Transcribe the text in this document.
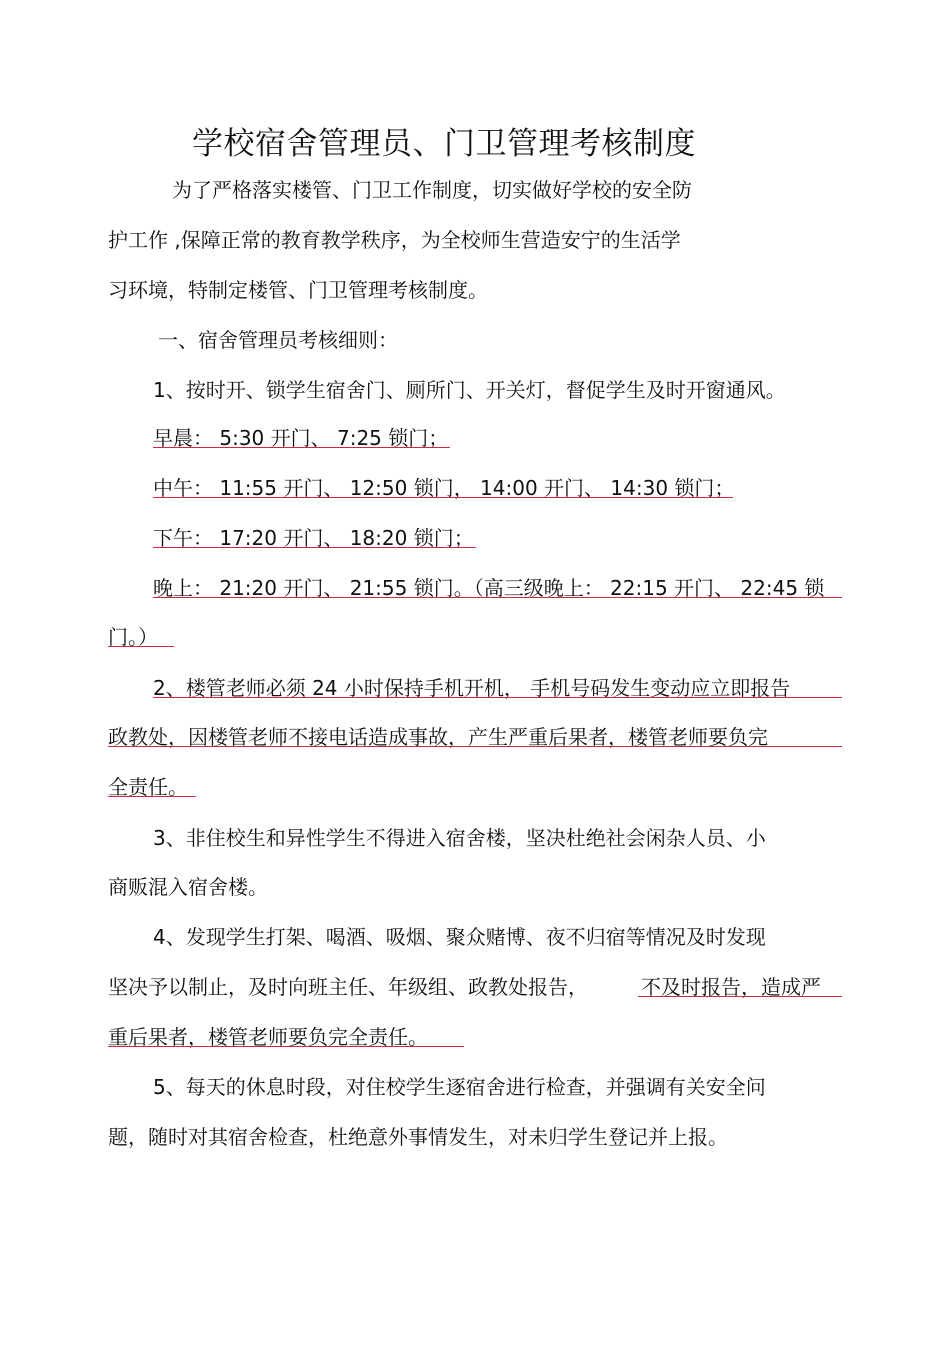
学校宿舍管理员、门卫管理考核制度
为了严格落实楼管、门卫工作制度，切实做好学校的安全防
护工作 ,保障正常的教育教学秩序，为全校师生营造安宁的生活学
习环境，特制定楼管、门卫管理考核制度。
一、宿舍管理员考核细则：
1、按时开、锁学生宿舍门、厕所门、开关灯，督促学生及时开窗通风。
早晨： 5:30 开门、 7:25 锁门；
中午： 11:55 开门、 12:50 锁门， 14:00 开门、 14:30 锁门；
下午： 17:20 开门、 18:20 锁门；
晚上： 21:20 开门、 21:55 锁门。（高三级晚上： 22:15 开门、 22:45 锁
门。）
2、楼管老师必须 24 小时保持手机开机， 手机号码发生变动应立即报告
政教处，因楼管老师不接电话造成事故，产生严重后果者，楼管老师要负完
全责任。
3、非住校生和异性学生不得进入宿舍楼，坚决杜绝社会闲杂人员、小
商贩混入宿舍楼。
4、发现学生打架、喝酒、吸烟、聚众赌博、夜不归宿等情况及时发现
坚决予以制止，及时向班主任、年级组、政教处报告，	不及时报告，造成严
重后果者，楼管老师要负完全责任。
5、每天的休息时段，对住校学生逐宿舍进行检查，并强调有关安全问
题，随时对其宿舍检查，杜绝意外事情发生，对未归学生登记并上报。
